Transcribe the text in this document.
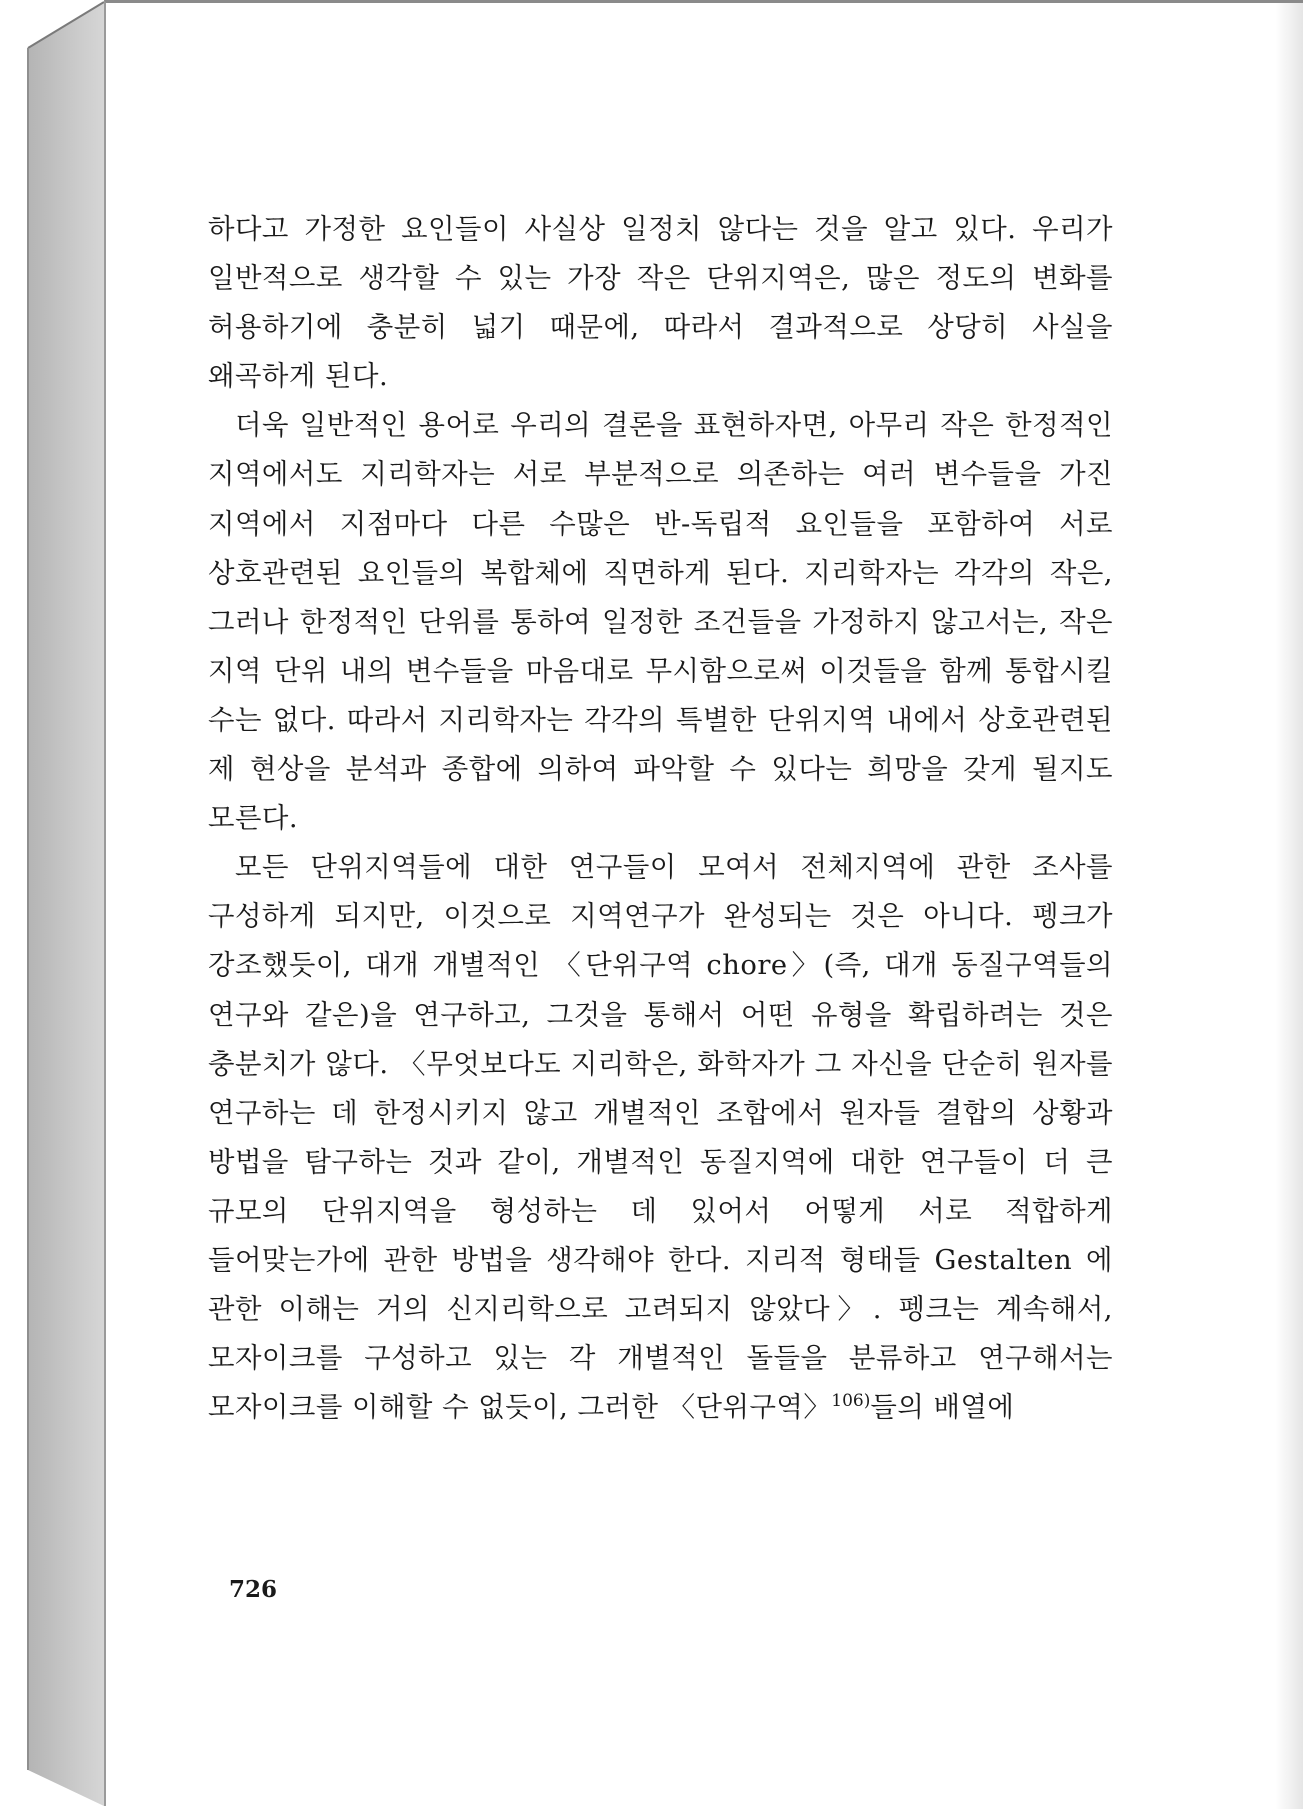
하다고 가정한 요인들이 사실상 일정치 않다는 것을 알고 있다. 우리가 일반적으로 생각할 수 있는 가장 작은 단위지역은, 많은 정도의 변화를 허용하기에 충분히 넓기 때문에, 따라서 결과적으로 상당히 사실을 왜곡하게 된다.

더욱 일반적인 용어로 우리의 결론을 표현하자면, 아무리 작은 한정적인 지역에서도 지리학자는 서로 부분적으로 의존하는 여러 변수들을 가진 지역에서 지점마다 다른 수많은 반-독립적 요인들을 포함하여 서로 상호관련된 요인들의 복합체에 직면하게 된다. 지리학자는 각각의 작은, 그러나 한정적인 단위를 통하여 일정한 조건들을 가정하지 않고서는, 작은 지역 단위 내의 변수들을 마음대로 무시함으로써 이것들을 함께 통합시킬 수는 없다. 따라서 지리학자는 각각의 특별한 단위지역 내에서 상호관련된 제 현상을 분석과 종합에 의하여 파악할 수 있다는 희망을 갖게 될지도 모른다.

모든 단위지역들에 대한 연구들이 모여서 전체지역에 관한 조사를 구성하게 되지만, 이것으로 지역연구가 완성되는 것은 아니다. 펭크가 강조했듯이, 대개 개별적인 〈단위구역 chore〉(즉, 대개 동질구역들의 연구와 같은)을 연구하고, 그것을 통해서 어떤 유형을 확립하려는 것은 충분치가 않다. 〈무엇보다도 지리학은, 화학자가 그 자신을 단순히 원자를 연구하는 데 한정시키지 않고 개별적인 조합에서 원자들 결합의 상황과 방법을 탐구하는 것과 같이, 개별적인 동질지역에 대한 연구들이 더 큰 규모의 단위지역을 형성하는 데 있어서 어떻게 서로 적합하게 들어맞는가에 관한 방법을 생각해야 한다. 지리적 형태들 Gestalten 에 관한 이해는 거의 신지리학으로 고려되지 않았다〉. 펭크는 계속해서, 모자이크를 구성하고 있는 각 개별적인 돌들을 분류하고 연구해서는 모자이크를 이해할 수 없듯이, 그러한 〈단위구역〉$^{106)}$들의 배열에

726
